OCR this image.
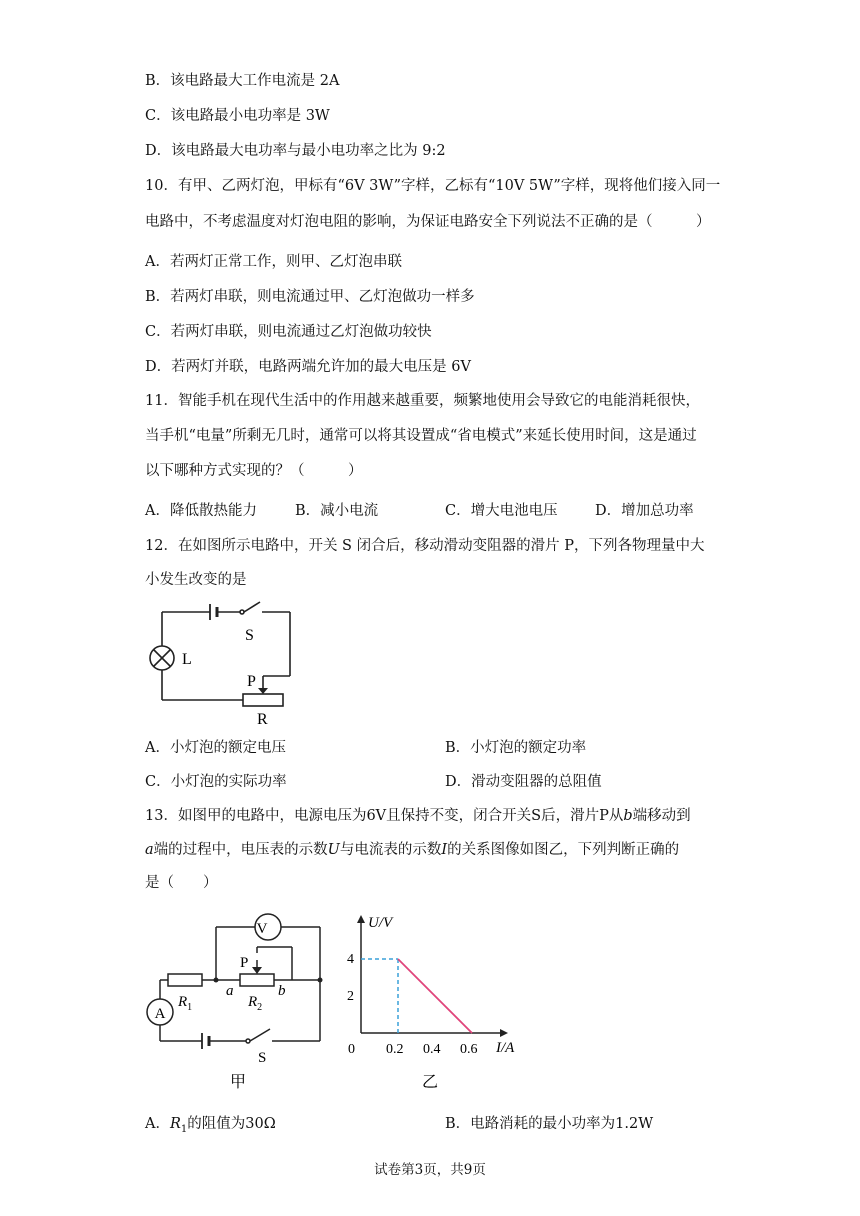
B．该电路最大工作电流是 2A
C．该电路最小电功率是 3W
D．该电路最大电功率与最小电功率之比为 9:2
10．有甲、乙两灯泡，甲标有“6V 3W”字样，乙标有“10V 5W”字样，现将他们接入同一
电路中，不考虑温度对灯泡电阻的影响，为保证电路安全下列说法不正确的是（　　　）
A．若两灯正常工作，则甲、乙灯泡串联
B．若两灯串联，则电流通过甲、乙灯泡做功一样多
C．若两灯串联，则电流通过乙灯泡做功较快
D．若两灯并联，电路两端允许加的最大电压是 6V
11．智能手机在现代生活中的作用越来越重要，频繁地使用会导致它的电能消耗很快，
当手机“电量”所剩无几时，通常可以将其设置成“省电模式”来延长使用时间，这是通过
以下哪种方式实现的？（　　　）
A．降低散热能力	B．减小电流	C．增大电池电压	D．增加总功率
12．在如图所示电路中，开关 S 闭合后，移动滑动变阻器的滑片 P，下列各物理量中大
小发生改变的是
S
L
P
R
A．小灯泡的额定电压	B．小灯泡的额定功率
C．小灯泡的实际功率	D．滑动变阻器的总阻值
13．如图甲的电路中，电源电压为6V且保持不变，闭合开关S后，滑片P从b端移动到
a端的过程中，电压表的示数U与电流表的示数I的关系图像如图乙，下列判断正确的
是（　　）
V
A
P
$R_1$	$R_2$
a	b
S
甲
U/V
I/A
0 0.2 0.4 0.6
2
4
乙
A．$R_1$的阻值为30Ω	B．电路消耗的最小功率为1.2W
试卷第3页，共9页
